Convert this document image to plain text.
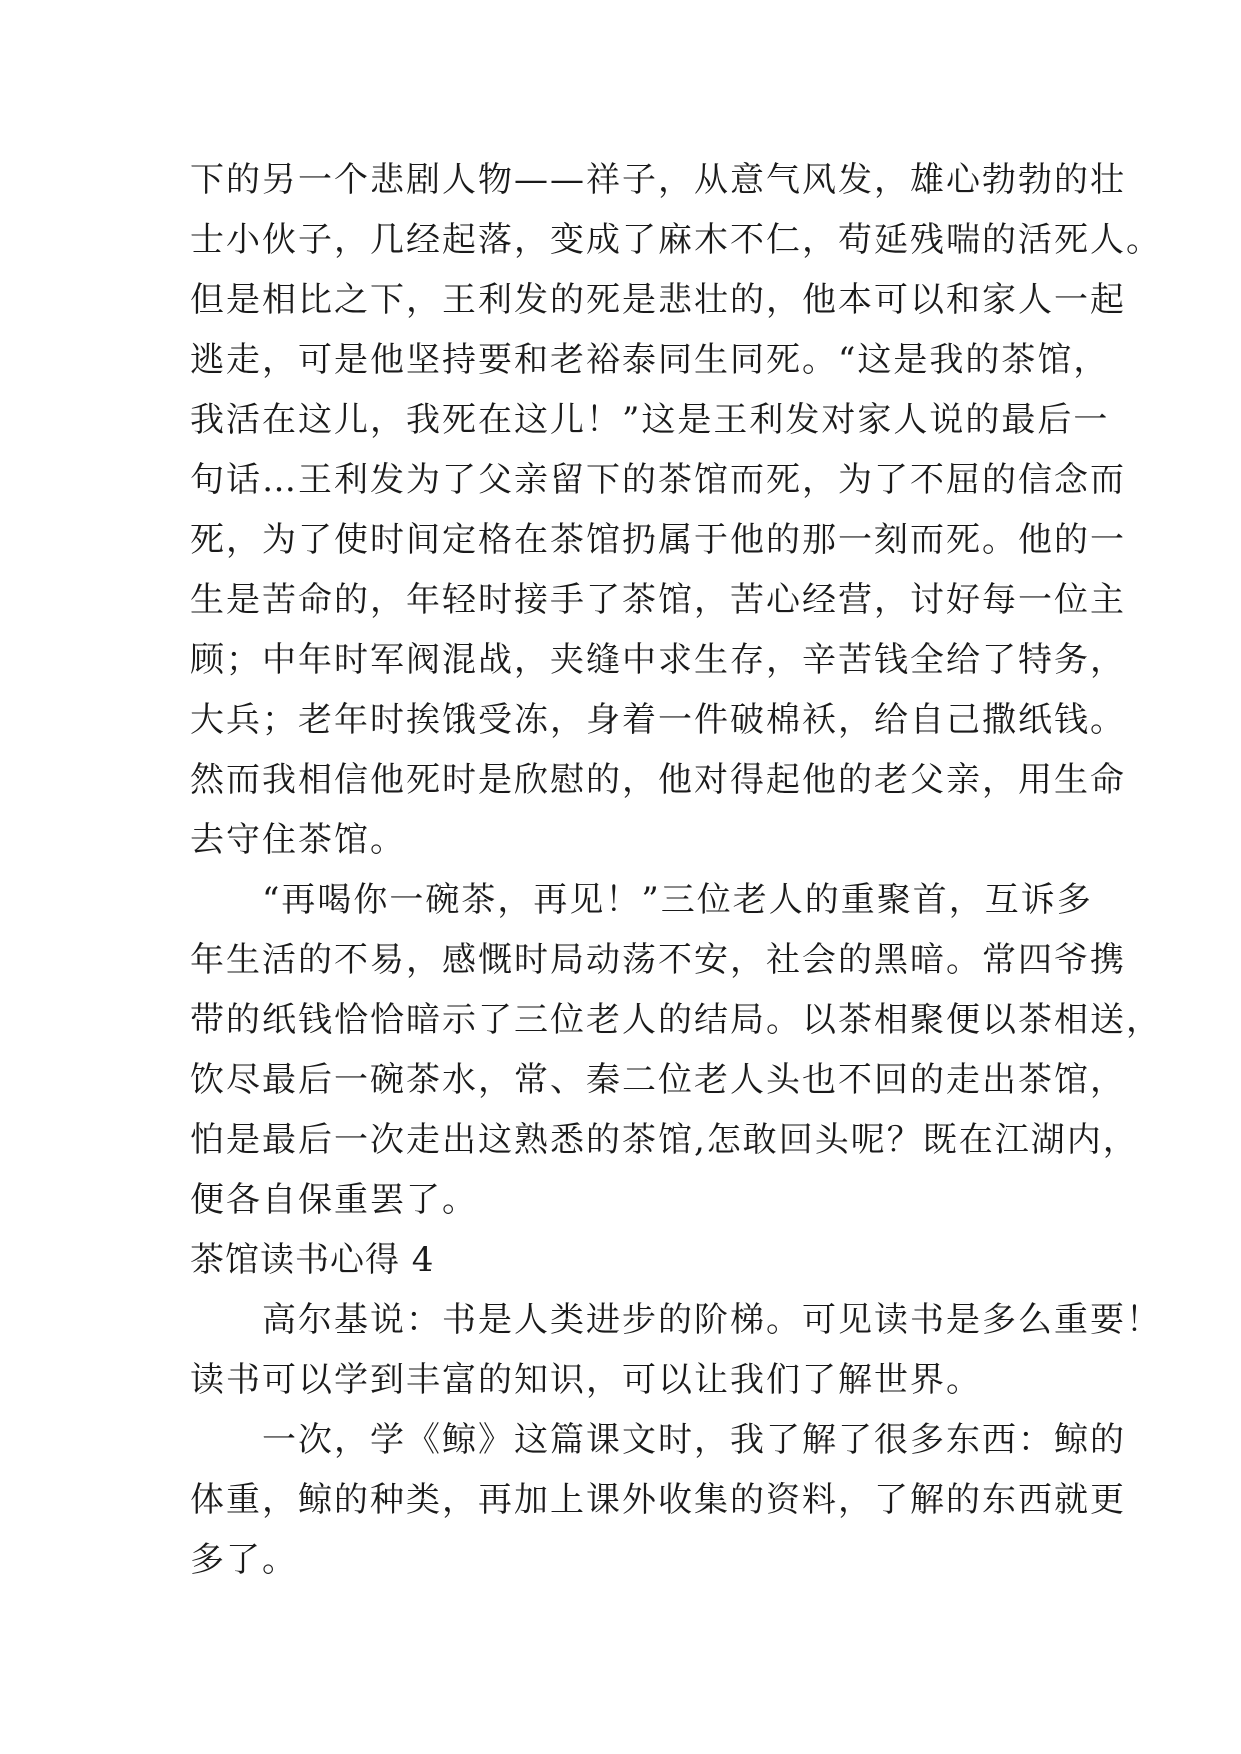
下的另一个悲剧人物——祥子，从意气风发，雄心勃勃的壮
士小伙子，几经起落，变成了麻木不仁，苟延残喘的活死人。
但是相比之下，王利发的死是悲壮的，他本可以和家人一起
逃走，可是他坚持要和老裕泰同生同死。“这是我的茶馆，
我活在这儿，我死在这儿！”这是王利发对家人说的最后一
句话…王利发为了父亲留下的茶馆而死，为了不屈的信念而
死，为了使时间定格在茶馆扔属于他的那一刻而死。他的一
生是苦命的，年轻时接手了茶馆，苦心经营，讨好每一位主
顾；中年时军阀混战，夹缝中求生存，辛苦钱全给了特务，
大兵；老年时挨饿受冻，身着一件破棉袄，给自己撒纸钱。
然而我相信他死时是欣慰的，他对得起他的老父亲，用生命
去守住茶馆。
　　“再喝你一碗茶，再见！”三位老人的重聚首，互诉多
年生活的不易，感慨时局动荡不安，社会的黑暗。常四爷携
带的纸钱恰恰暗示了三位老人的结局。以茶相聚便以茶相送，
饮尽最后一碗茶水，常、秦二位老人头也不回的走出茶馆，
怕是最后一次走出这熟悉的茶馆,怎敢回头呢？既在江湖内，
便各自保重罢了。
茶馆读书心得 4
　　高尔基说：书是人类进步的阶梯。可见读书是多么重要！
读书可以学到丰富的知识，可以让我们了解世界。
　　一次，学《鲸》这篇课文时，我了解了很多东西：鲸的
体重，鲸的种类，再加上课外收集的资料，了解的东西就更
多了。
